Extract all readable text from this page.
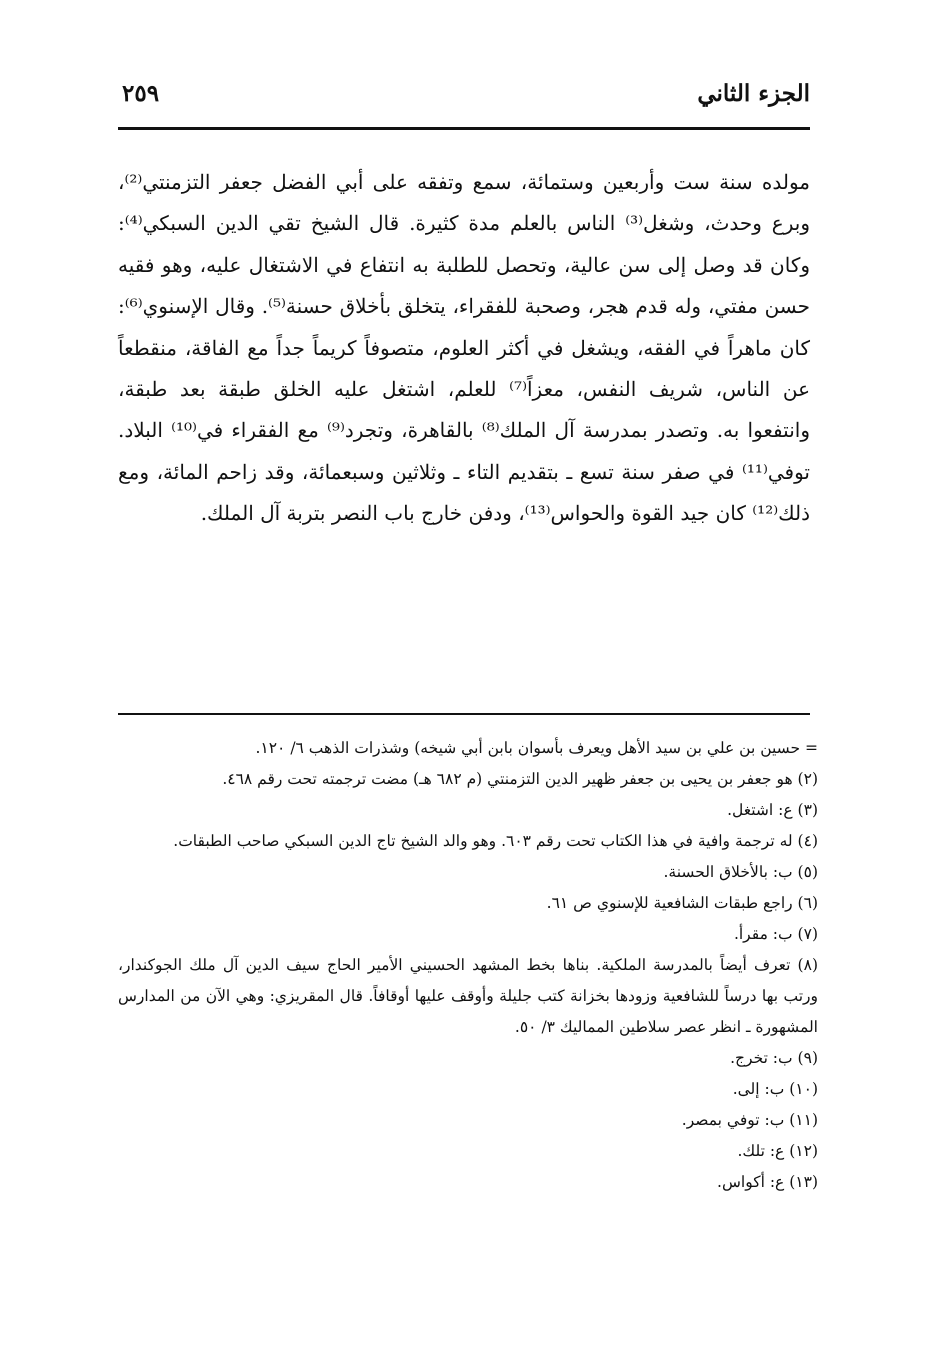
الجزء الثاني
٢٥٩

مولده سنة ست وأربعين وستمائة، سمع وتفقه على أبي الفضل جعفر التزمنتي⁽²⁾، وبرع وحدث، وشغل⁽³⁾ الناس بالعلم مدة كثيرة. قال الشيخ تقي الدين السبكي⁽⁴⁾: وكان قد وصل إلى سن عالية، وتحصل للطلبة به انتفاع في الاشتغال عليه، وهو فقيه حسن مفتي، وله قدم هجر، وصحبة للفقراء، يتخلق بأخلاق حسنة⁽⁵⁾. وقال الإسنوي⁽⁶⁾: كان ماهراً في الفقه، ويشغل في أكثر العلوم، متصوفاً كريماً جداً مع الفاقة، منقطعاً عن الناس، شريف النفس، معزاً⁽⁷⁾ للعلم، اشتغل عليه الخلق طبقة بعد طبقة، وانتفعوا به. وتصدر بمدرسة آل الملك⁽⁸⁾ بالقاهرة، وتجرد⁽⁹⁾ مع الفقراء في⁽¹⁰⁾ البلاد. توفي⁽¹¹⁾ في صفر سنة تسع ـ بتقديم التاء ـ وثلاثين وسبعمائة، وقد زاحم المائة، ومع ذلك⁽¹²⁾ كان جيد القوة والحواس⁽¹³⁾، ودفن خارج باب النصر بتربة آل الملك.

= حسين بن علي بن سيد الأهل ويعرف بأسوان بابن أبي شيخه) وشذرات الذهب ٦/ ١٢٠.

(٢) هو جعفر بن يحيى بن جعفر ظهير الدين التزمنتي (م ٦٨٢ هـ) مضت ترجمته تحت رقم ٤٦٨.

(٣) ع: اشتغل.

(٤) له ترجمة وافية في هذا الكتاب تحت رقم ٦٠٣. وهو والد الشيخ تاج الدين السبكي صاحب الطبقات.

(٥) ب: بالأخلاق الحسنة.

(٦) راجع طبقات الشافعية للإسنوي ص ٦١.

(٧) ب: مقرأ.

(٨) تعرف أيضاً بالمدرسة الملكية. بناها بخط المشهد الحسيني الأمير الحاج سيف الدين آل ملك الجوكندار، ورتب بها درساً للشافعية وزودها بخزانة كتب جليلة وأوقف عليها أوقافاً. قال المقريزي: وهي الآن من المدارس المشهورة ـ انظر عصر سلاطين المماليك ٣/ ٥٠.

(٩) ب: تخرج.

(١٠) ب: إلى.

(١١) ب: توفي بمصر.

(١٢) ع: تلك.

(١٣) ع: أكواس.
